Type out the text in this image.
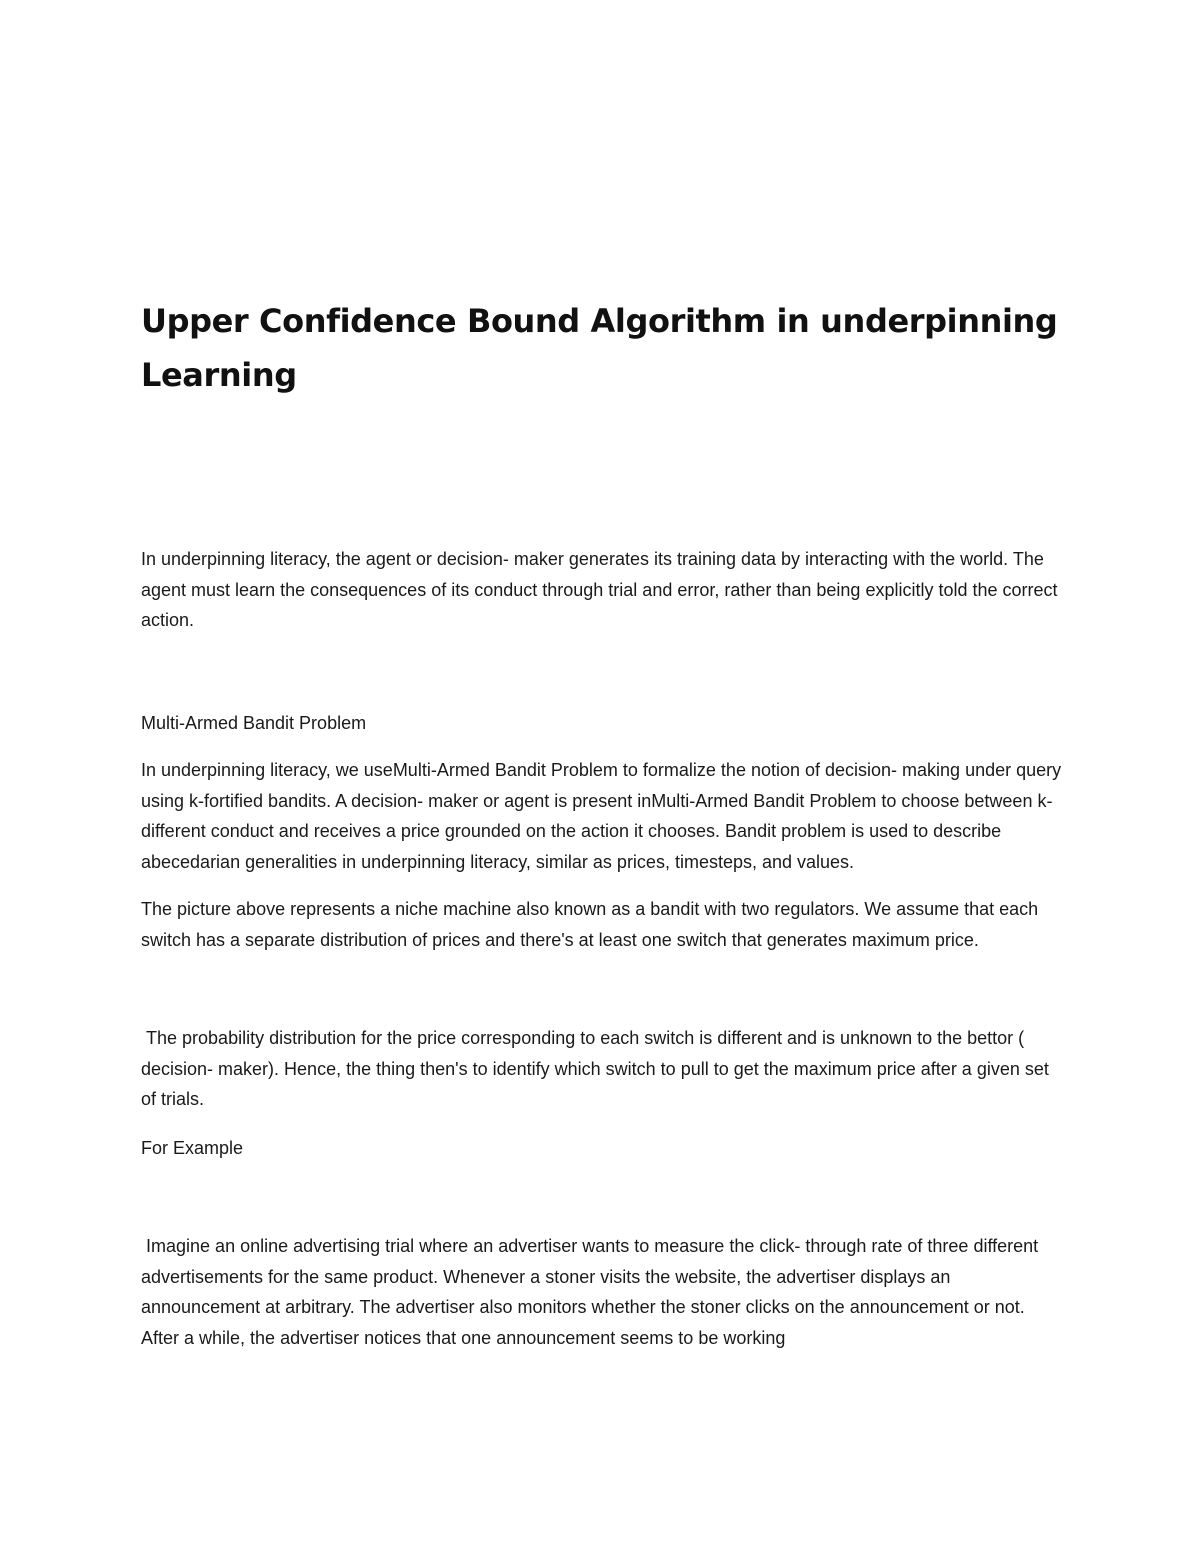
Upper Confidence Bound Algorithm in underpinning Learning

In underpinning literacy, the agent or decision- maker generates its training data by interacting with the world. The agent must learn the consequences of its conduct through trial and error, rather than being explicitly told the correct action.

Multi-Armed Bandit Problem

In underpinning literacy, we useMulti-Armed Bandit Problem to formalize the notion of decision- making under query using k-fortified bandits. A decision- maker or agent is present inMulti-Armed Bandit Problem to choose between k-different conduct and receives a price grounded on the action it chooses. Bandit problem is used to describe abecedarian generalities in underpinning literacy, similar as prices, timesteps, and values.

The picture above represents a niche machine also known as a bandit with two regulators. We assume that each switch has a separate distribution of prices and there's at least one switch that generates maximum price.

The probability distribution for the price corresponding to each switch is different and is unknown to the bettor ( decision- maker). Hence, the thing then's to identify which switch to pull to get the maximum price after a given set of trials.

For Example

Imagine an online advertising trial where an advertiser wants to measure the click- through rate of three different advertisements for the same product. Whenever a stoner visits the website, the advertiser displays an announcement at arbitrary. The advertiser also monitors whether the stoner clicks on the announcement or not. After a while, the advertiser notices that one announcement seems to be working
